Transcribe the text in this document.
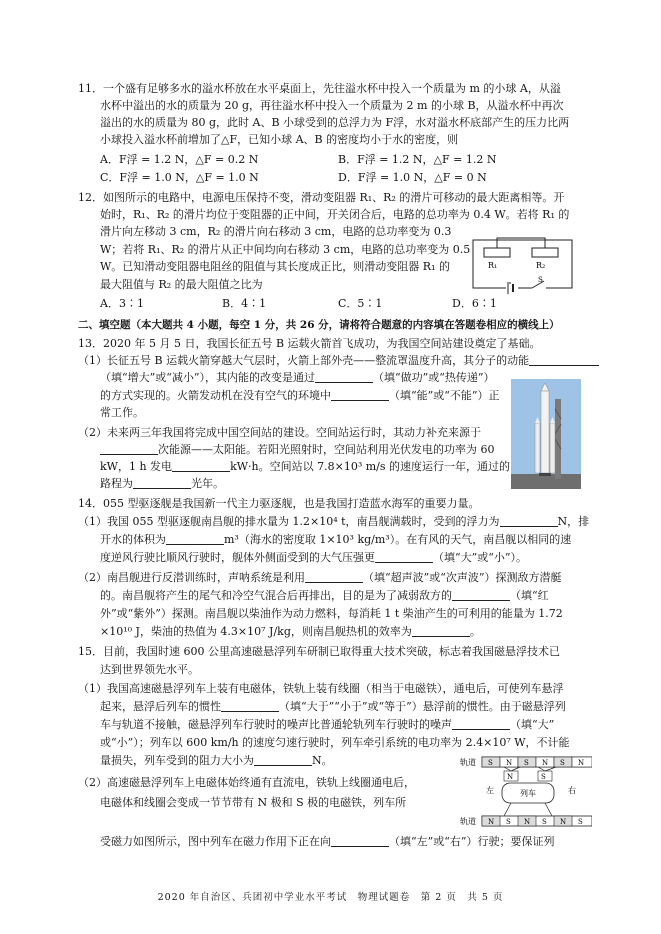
11．一个盛有足够多水的溢水杯放在水平桌面上，先往溢水杯中投入一个质量为 m 的小球 A，从溢
水杯中溢出的水的质量为 20 g，再往溢水杯中投入一个质量为 2 m 的小球 B，从溢水杯中再次
溢出的水的质量为 80 g，此时 A、B 小球受到的总浮力为 F浮，水对溢水杯底部产生的压力比两
小球投入溢水杯前增加了△F，已知小球 A、B 的密度均小于水的密度，则
A．F浮 = 1.2 N，△F = 0.2 N	B．F浮 = 1.2 N，△F = 1.2 N
C．F浮 = 1.0 N，△F = 1.0 N	D．F浮 = 1.0 N，△F = 0 N
12．如图所示的电路中，电源电压保持不变，滑动变阻器 R₁、R₂ 的滑片可移动的最大距离相等。开
始时，R₁、R₂ 的滑片均位于变阻器的正中间，开关闭合后，电路的总功率为 0.4 W。若将 R₁ 的
滑片向左移动 3 cm，R₂ 的滑片向右移动 3 cm，电路的总功率变为 0.3
W；若将 R₁、R₂ 的滑片从正中间均向右移动 3 cm，电路的总功率变为 0.5
W。已知滑动变阻器电阻丝的阻值与其长度成正比，则滑动变阻器 R₁ 的
最大阻值与 R₂ 的最大阻值之比为
A．3∶1	B．4∶1	C．5∶1	D．6∶1
R₁	R₂
S
二、填空题（本大题共 4 小题，每空 1 分，共 26 分，请将符合题意的内容填在答题卷相应的横线上）
13．2020 年 5 月 5 日，我国长征五号 B 运载火箭首飞成功，为我国空间站建设奠定了基础。
（1）长征五号 B 运载火箭穿越大气层时，火箭上部外壳——整流罩温度升高，其分子的动能
（填“增大”或“减小”），其内能的改变是通过	（填“做功”或“热传递”）
的方式实现的。火箭发动机在没有空气的环境中	（填“能”或“不能”）正
常工作。
（2）未来两三年我国将完成中国空间站的建设。空间站运行时，其动力补充来源于
次能源——太阳能。若阳光照射时，空间站利用光伏发电的功率为 60
kW，1 h 发电	kW·h。空间站以 7.8×10³ m/s 的速度运行一年，通过的
路程为	光年。
14．055 型驱逐舰是我国新一代主力驱逐舰，也是我国打造蓝水海军的重要力量。
（1）我国 055 型驱逐舰南昌舰的排水量为 1.2×10⁴ t，南昌舰满载时，受到的浮力为	N，排
开水的体积为	m³（海水的密度取 1×10³ kg/m³）。在有风的天气，南昌舰以相同的速
度逆风行驶比顺风行驶时，舰体外侧面受到的大气压强更	（填“大”或“小”）。
（2）南昌舰进行反潜训练时，声呐系统是利用	（填“超声波”或“次声波”）探测敌方潜艇
的。南昌舰将产生的尾气和冷空气混合后再排出，目的是为了减弱敌方的	（填“红
外”或“紫外”）探测。南昌舰以柴油作为动力燃料，每消耗 1 t 柴油产生的可利用的能量为 1.72
×10¹⁰ J，柴油的热值为 4.3×10⁷ J/kg，则南昌舰热机的效率为	。
15．目前，我国时速 600 公里高速磁悬浮列车研制已取得重大技术突破，标志着我国磁悬浮技术已
达到世界领先水平。
（1）我国高速磁悬浮列车上装有电磁体，铁轨上装有线圈（相当于电磁铁），通电后，可使列车悬浮
起来，悬浮后列车的惯性	（填“大于”“小于”或“等于”）悬浮前的惯性。由于磁悬浮列
车与轨道不接触，磁悬浮列车行驶时的噪声比普通轮轨列车行驶时的噪声	（填“大”
或“小”）；列车以 600 km/h 的速度匀速行驶时，列车牵引系统的电功率为 2.4×10⁷ W，不计能
量损失，列车受到的阻力大小为	N。
（2）高速磁悬浮列车上电磁体始终通有直流电，铁轨上线圈通电后，
电磁体和线圈会变成一节节带有 N 极和 S 极的电磁铁，列车所
受磁力如图所示，图中列车在磁力作用下正在向	（填“左”或“右”）行驶；要保证列
轨道 S N S N S N
列车
N	S
左	右
轨道 N S N S N S
2020 年自治区、兵团初中学业水平考试　物理试题卷　第 2 页　共 5 页
